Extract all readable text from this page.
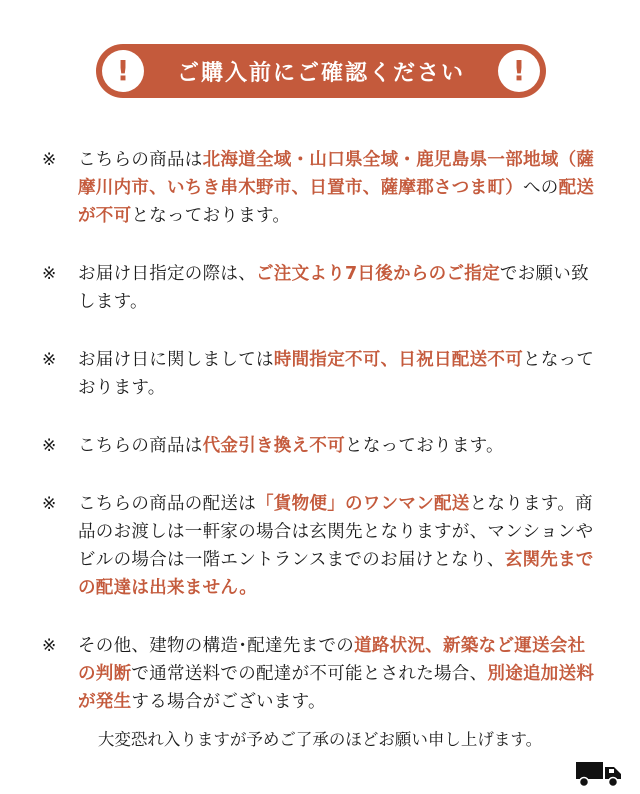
!	ご購入前にご確認ください	!
※	こちらの商品は北海道全域・山口県全域・鹿児島県一部地域（薩摩川内市、いちき串木野市、日置市、薩摩郡さつま町）への配送が不可となっております。
※	お届け日指定の際は、ご注文より7日後からのご指定でお願い致します。
※	お届け日に関しましては時間指定不可、日祝日配送不可となっております。
※	こちらの商品は代金引き換え不可となっております。
※	こちらの商品の配送は「貨物便」のワンマン配送となります。商品のお渡しは一軒家の場合は玄関先となりますが、マンションやビルの場合は一階エントランスまでのお届けとなり、玄関先までの配達は出来ません。
※	その他、建物の構造･配達先までの道路状況、新築など運送会社の判断で通常送料での配達が不可能とされた場合、別途追加送料が発生する場合がございます。
大変恐れ入りますが予めご了承のほどお願い申し上げます。
